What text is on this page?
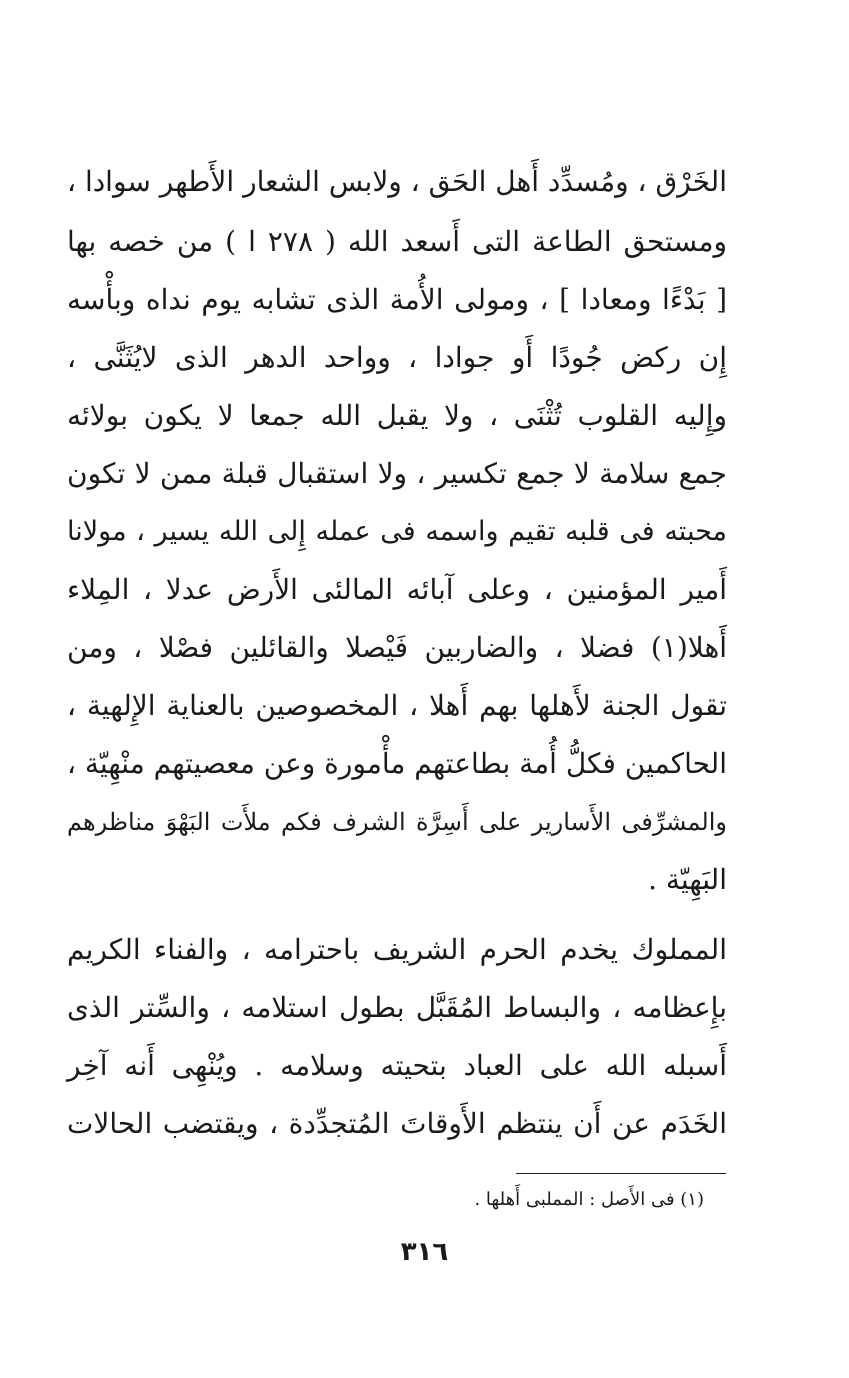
الخَرْق ، ومُسدِّد أَهل الحَق ، ولابس الشعار الأَطهر سوادا ،
ومستحق الطاعة التى أَسعد الله ( ٢٧٨ ا ) من خصه بها
[ بَدْءًا ومعادا ] ، ومولى الأُمة الذى تشابه يوم نداه وبأْسه
إِن ركض جُودًا أَو جوادا ، وواحد الدهر الذى لايُثَنَّى ،
وإِليه القلوب تُثْنَى ، ولا يقبل الله جمعا لا يكون بولائه
جمع سلامة لا جمع تكسير ، ولا استقبال قبلة ممن لا تكون
محبته فى قلبه تقيم واسمه فى عمله إِلى الله يسير ، مولانا
أَمير المؤمنين ، وعلى آبائه المالئى الأَرض عدلا ، المِلاء
أَهلا(١) فضلا ، والضاربين فَيْصلا والقائلين فصْلا ، ومن
تقول الجنة لأَهلها بهم أَهلا ، المخصوصين بالعناية الإِلهية ،
الحاكمين فكلُّ أُمة بطاعتهم مأْمورة وعن معصيتهم منْهِيّة ،
والمشرِّفى الأَسارير على أَسِرَّة الشرف فكم ملأَت البَهْوَ مناظرهم
البَهِيّة .
المملوك يخدم الحرم الشريف باحترامه ، والفناء الكريم
بإِعظامه ، والبساط المُقَبَّل بطول استلامه ، والسِّتر الذى
أَسبله الله على العباد بتحيته وسلامه . ويُنْهِى أَنه آخِر
الخَدَم عن أَن ينتظم الأَوقاتَ المُتجدِّدة ، ويقتضب الحالات
(١) فى الأَصل : المملبى أَهلها .
٣١٦
